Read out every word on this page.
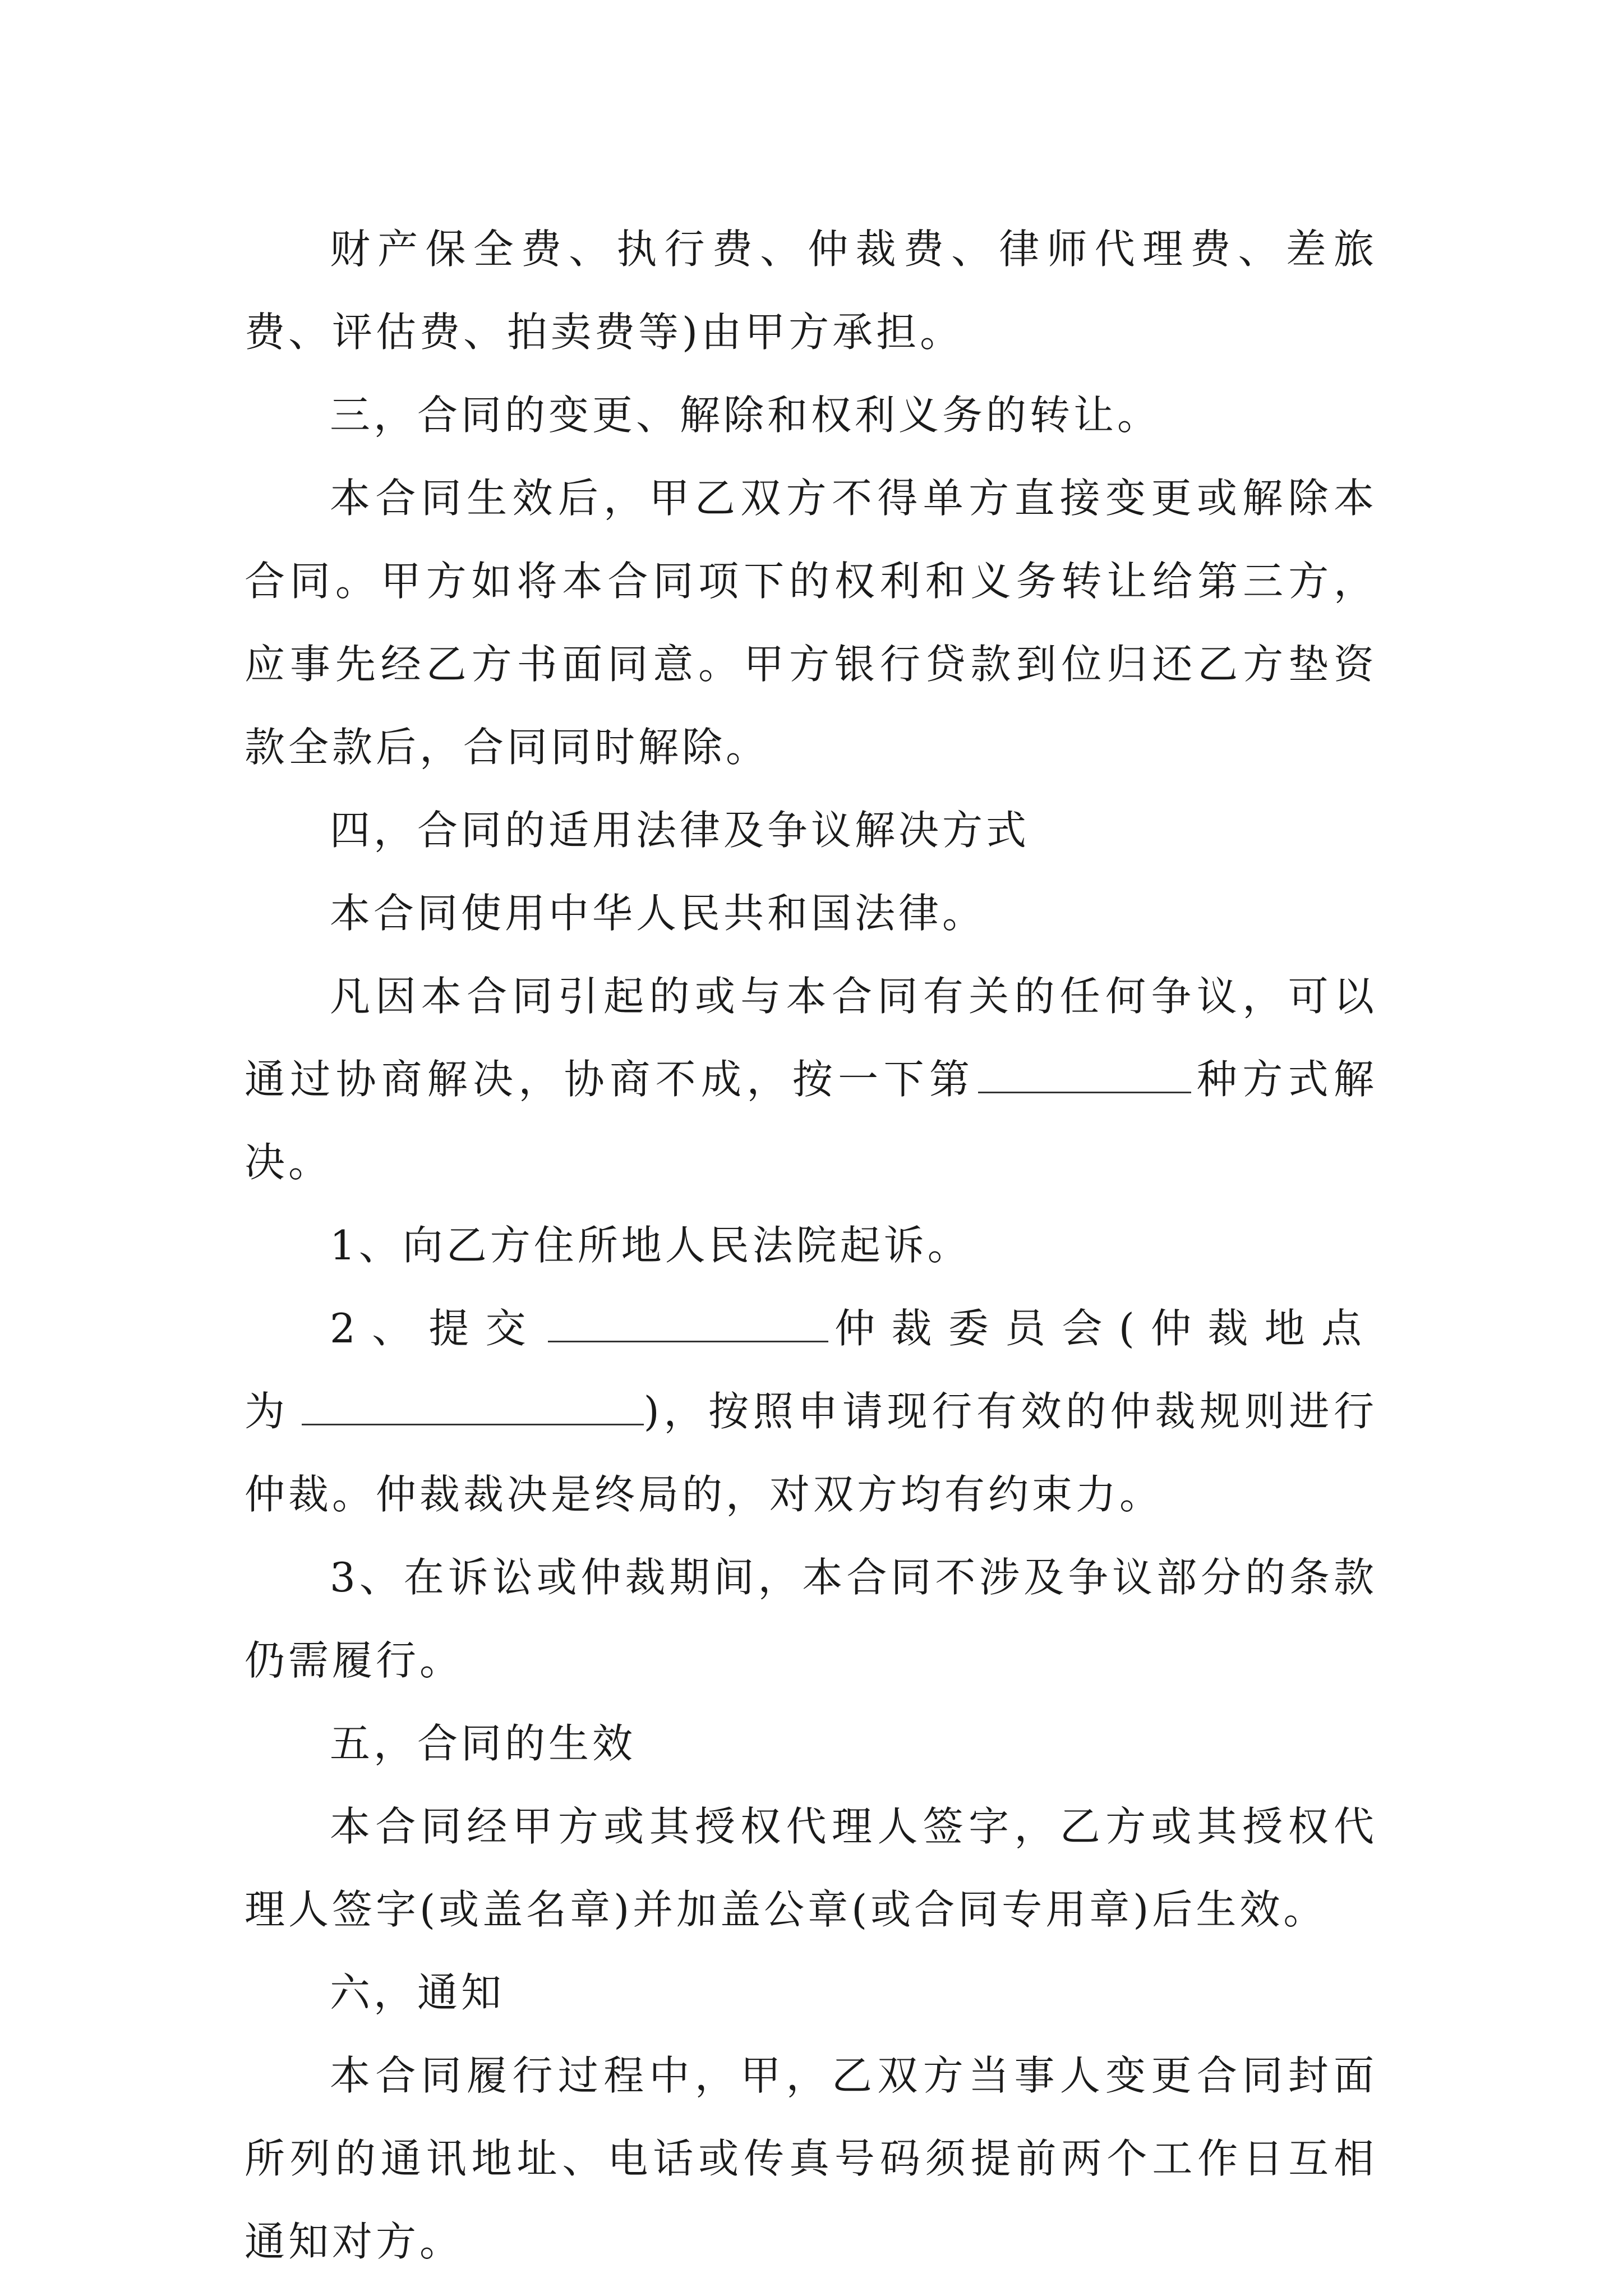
财产保全费、执行费、仲裁费、律师代理费、差旅费、评估费、拍卖费等)由甲方承担。

三，合同的变更、解除和权利义务的转让。

本合同生效后，甲乙双方不得单方直接变更或解除本合同。甲方如将本合同项下的权利和义务转让给第三方，应事先经乙方书面同意。甲方银行贷款到位归还乙方垫资款全款后，合同同时解除。

四，合同的适用法律及争议解决方式

本合同使用中华人民共和国法律。

凡因本合同引起的或与本合同有关的任何争议，可以通过协商解决，协商不成，按一下第	种方式解决。

1、向乙方住所地人民法院起诉。

2、提交	仲裁委员会(仲裁地点为	)，按照申请现行有效的仲裁规则进行仲裁。仲裁裁决是终局的，对双方均有约束力。

3、在诉讼或仲裁期间，本合同不涉及争议部分的条款仍需履行。

五，合同的生效

本合同经甲方或其授权代理人签字，乙方或其授权代理人签字(或盖名章)并加盖公章(或合同专用章)后生效。

六，通知

本合同履行过程中，甲，乙双方当事人变更合同封面所列的通讯地址、电话或传真号码须提前两个工作日互相通知对方。
